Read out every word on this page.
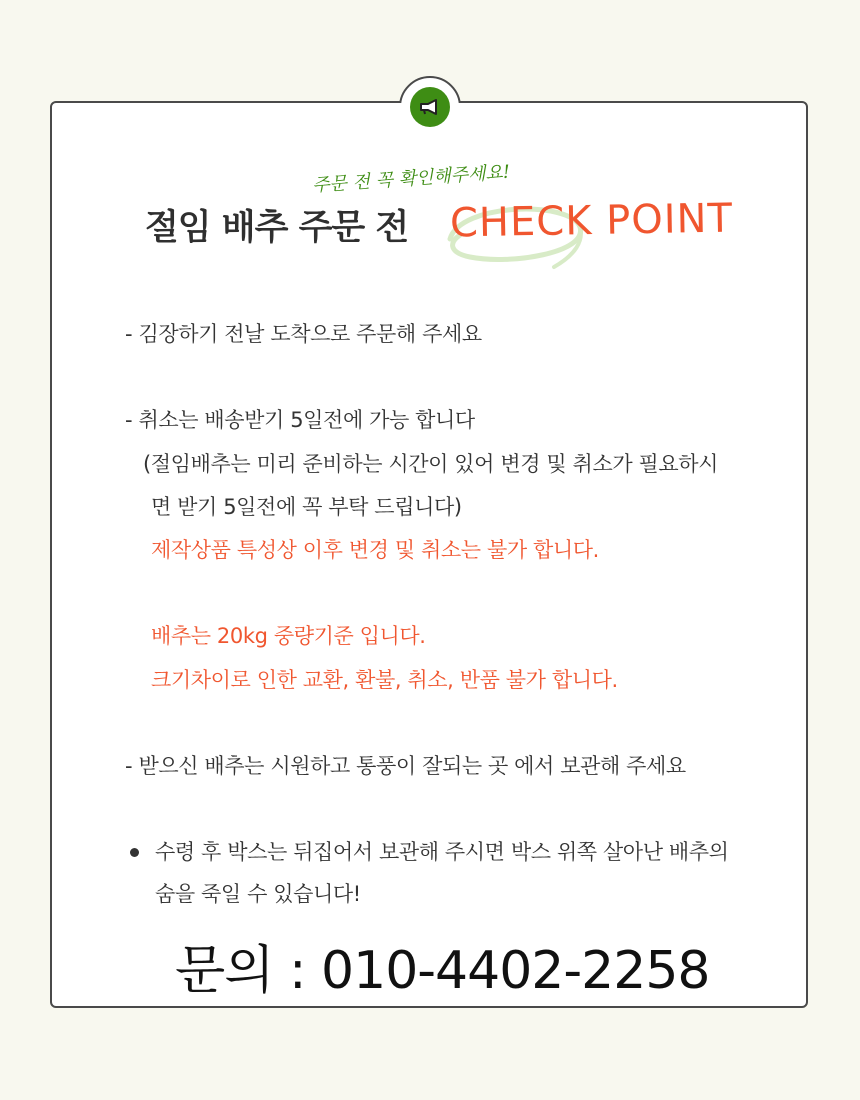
주문 전 꼭 확인해주세요!
절임 배추 주문 전 CHECK POINT
- 김장하기 전날 도착으로 주문해 주세요
- 취소는 배송받기 5일전에 가능 합니다
(절임배추는 미리 준비하는 시간이 있어 변경 및 취소가 필요하시
면 받기 5일전에 꼭 부탁 드립니다)
제작상품 특성상 이후 변경 및 취소는 불가 합니다.
배추는 20kg 중량기준 입니다.
크기차이로 인한 교환, 환불, 취소, 반품 불가 합니다.
- 받으신 배추는 시원하고 통풍이 잘되는 곳 에서 보관해 주세요
수령 후 박스는 뒤집어서 보관해 주시면 박스 위쪽 살아난 배추의
숨을 죽일 수 있습니다!
문의 : 010-4402-2258
